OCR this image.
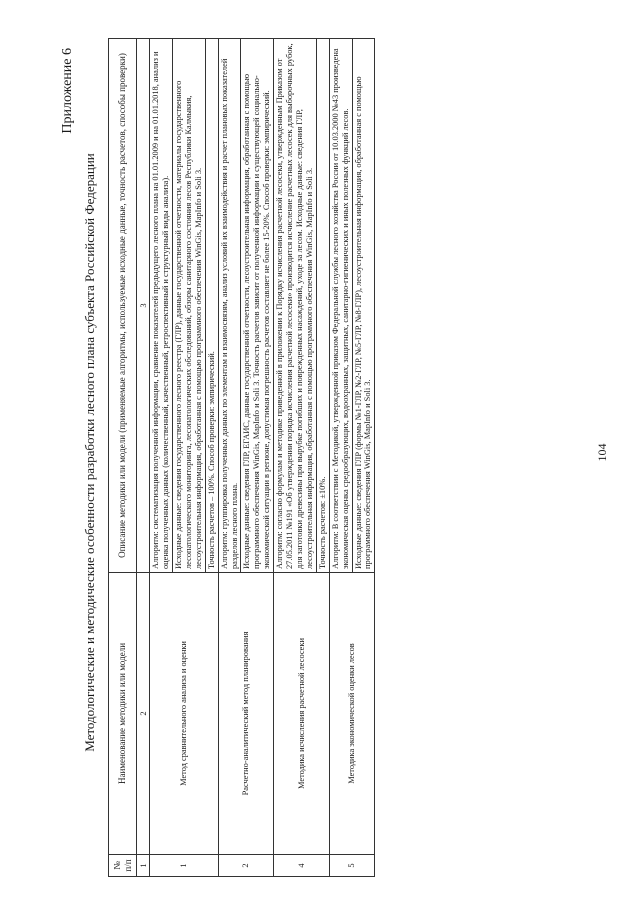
Приложение 6
Методологические и методические особенности разработки лесного плана субъекта Российской Федерации
№ п/п	Наименование методики или модели	Описание методики или модели (применяемые алгоритмы, используемые исходные данные, точность расчетов, способы проверки)
1	2	3
1	Метод сравнительного анализа и оценки	Алгоритм: систематизация полученной информации, сравнение показателей предыдущего лесного плана на 01.01.2009 и на 01.01.2018, анализ и оценка полученных данных (количественный, качественный, ретроспективный и структурный виды анализа).
		Исходные данные: сведения государственного лесного реестра (ГЛР), данные государственной отчетности, материалы государственного лесопатологического мониторинга, лесопатологических обследований, обзоры санитарного состояния лесов Республики Калмыкия, лесоустроительная информация, обработанная с помощью программного обеспечения WinGis, MapInfo и Soli 3.
		Точность расчетов – 100%. Способ проверки: эмпирический.
2	Расчетно-аналитический метод планирования	Алгоритм: группировка полученных данных по элементам и взаимосвязям, анализ условий их взаимодействия и расчет плановых показателей разделов лесного плана.
		Исходные данные: сведения ГЛР, ЕГАИС, данные государственной отчетности, лесоустроительная информация, обработанная с помощью программного обеспечения WinGis, MapInfo и Soli 3. Точность расчетов зависит от полученной информации и существующей социально-экономической ситуации в регионе, допустимая погрешность расчетов составляет не более 15-20%. Способ проверки: эмпирический.
4	Методика исчисления расчетной лесосеки	Алгоритм: согласно формулам и методике приведенной в приложении к Порядку исчисления расчетной лесосеки, утвержденным Приказом от 27.05.2011 №191 «Об утверждении порядка исчисления расчетной лесосеки» производится исчисление расчетных лесосек для выборочных рубок, для заготовки древесины при вырубке погибших и поврежденных насаждений, уходе за лесом. Исходные данные: сведения ГЛР, лесоустроительная информация, обработанная с помощью программного обеспечения WinGis, MapInfo и Soli 3.
		Точность расчетов: ±10%.
5	Методика экономической оценки лесов	Алгоритм: В соответствии с Методикой, утвержденной приказом Федеральной службы лесного хозяйства России от 10.03.2000 №43 произведена экономическая оценка средообразующих, водоохранных, защитных, санитарно-гигиенических и иных полезных функций лесов.
		Исходные данные: сведения ГЛР (формы №1-ГЛР, №2-ГЛР, №5-ГЛР, №8-ГЛР), лесоустроительная информация, обработанная с помощью программного обеспечения WinGis, MapInfo и Soli 3.	104
